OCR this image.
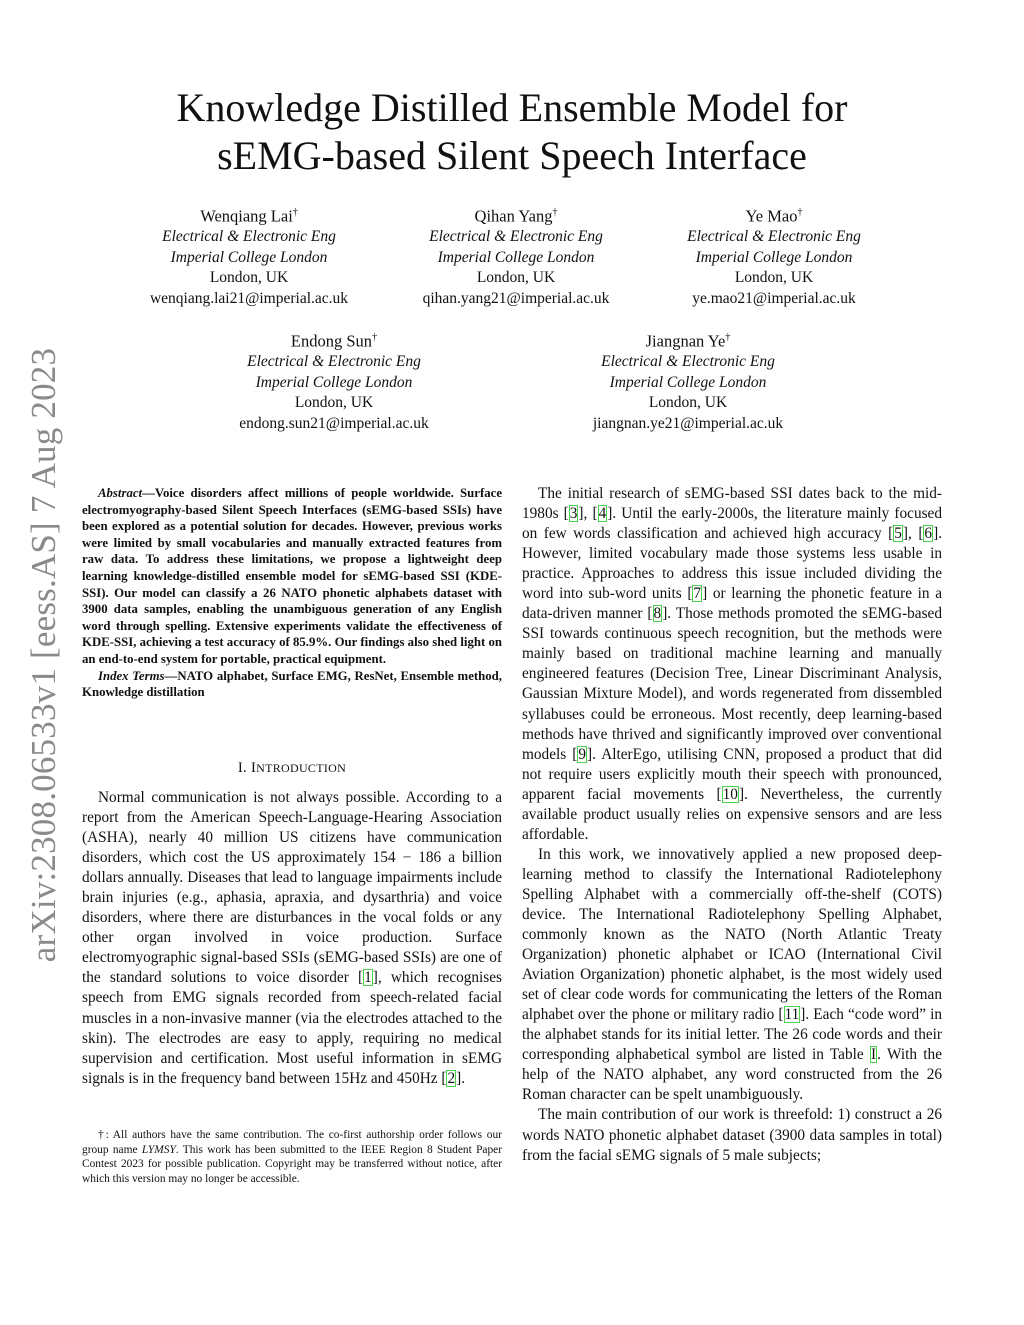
arXiv:2308.06533v1 [eess.AS] 7 Aug 2023
Knowledge Distilled Ensemble Model for
sEMG-based Silent Speech Interface
Wenqiang Lai†
Electrical & Electronic Eng
Imperial College London
London, UK
wenqiang.lai21@imperial.ac.uk
Qihan Yang†
Electrical & Electronic Eng
Imperial College London
London, UK
qihan.yang21@imperial.ac.uk
Ye Mao†
Electrical & Electronic Eng
Imperial College London
London, UK
ye.mao21@imperial.ac.uk
Endong Sun†
Electrical & Electronic Eng
Imperial College London
London, UK
endong.sun21@imperial.ac.uk
Jiangnan Ye†
Electrical & Electronic Eng
Imperial College London
London, UK
jiangnan.ye21@imperial.ac.uk

Abstract—Voice disorders affect millions of people worldwide. Surface electromyography-based Silent Speech Interfaces (sEMG-based SSIs) have been explored as a potential solution for decades. However, previous works were limited by small vocabularies and manually extracted features from raw data. To address these limitations, we propose a lightweight deep learning knowledge-distilled ensemble model for sEMG-based SSI (KDE-SSI). Our model can classify a 26 NATO phonetic alphabets dataset with 3900 data samples, enabling the unambiguous generation of any English word through spelling. Extensive experiments validate the effectiveness of KDE-SSI, achieving a test accuracy of 85.9%. Our findings also shed light on an end-to-end system for portable, practical equipment.

Index Terms—NATO alphabet, Surface EMG, ResNet, Ensemble method, Knowledge distillation

I. INTRODUCTION

Normal communication is not always possible. According to a report from the American Speech-Language-Hearing Association (ASHA), nearly 40 million US citizens have communication disorders, which cost the US approximately 154 − 186 a billion dollars annually. Diseases that lead to language impairments include brain injuries (e.g., aphasia, apraxia, and dysarthria) and voice disorders, where there are disturbances in the vocal folds or any other organ involved in voice production. Surface electromyographic signal-based SSIs (sEMG-based SSIs) are one of the standard solutions to voice disorder [1], which recognises speech from EMG signals recorded from speech-related facial muscles in a non-invasive manner (via the electrodes attached to the skin). The electrodes are easy to apply, requiring no medical supervision and certification. Most useful information in sEMG signals is in the frequency band between 15Hz and 450Hz [2].

†: All authors have the same contribution. The co-first authorship order follows our group name LYMSY. This work has been submitted to the IEEE Region 8 Student Paper Contest 2023 for possible publication. Copyright may be transferred without notice, after which this version may no longer be accessible.

The initial research of sEMG-based SSI dates back to the mid-1980s [3], [4]. Until the early-2000s, the literature mainly focused on few words classification and achieved high accuracy [5], [6]. However, limited vocabulary made those systems less usable in practice. Approaches to address this issue included dividing the word into sub-word units [7] or learning the phonetic feature in a data-driven manner [8]. Those methods promoted the sEMG-based SSI towards continuous speech recognition, but the methods were mainly based on traditional machine learning and manually engineered features (Decision Tree, Linear Discriminant Analysis, Gaussian Mixture Model), and words regenerated from dissembled syllabuses could be erroneous. Most recently, deep learning-based methods have thrived and significantly improved over conventional models [9]. AlterEgo, utilising CNN, proposed a product that did not require users explicitly mouth their speech with pronounced, apparent facial movements [10]. Nevertheless, the currently available product usually relies on expensive sensors and are less affordable.

In this work, we innovatively applied a new proposed deep-learning method to classify the International Radiotelephony Spelling Alphabet with a commercially off-the-shelf (COTS) device. The International Radiotelephony Spelling Alphabet, commonly known as the NATO (North Atlantic Treaty Organization) phonetic alphabet or ICAO (International Civil Aviation Organization) phonetic alphabet, is the most widely used set of clear code words for communicating the letters of the Roman alphabet over the phone or military radio [11]. Each “code word” in the alphabet stands for its initial letter. The 26 code words and their corresponding alphabetical symbol are listed in Table I. With the help of the NATO alphabet, any word constructed from the 26 Roman character can be spelt unambiguously.

The main contribution of our work is threefold: 1) construct a 26 words NATO phonetic alphabet dataset (3900 data samples in total) from the facial sEMG signals of 5 male subjects;
